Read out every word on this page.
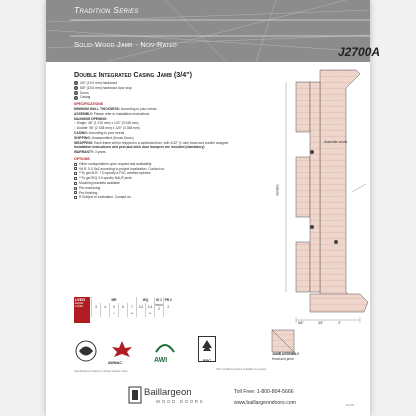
Tradition Series
Solid-Wood Jamb · Non-Rated
J2700A
Double Integrated Casing Jamb (3/4")
1 3/4" (19.0 mm) hardwood
2 5/8" (15.8 mm) hardwood door stop
3 Doors
4 Casing
SPECIFICATIONS
MINIMUM WALL THICKNESS: According to your needs
ASSEMBLY: Please refer to installation instructions
MAXIMUM OPENING:
○ Single: 48" (1 219 mm) x 120" (3 048 mm)
○ Double: 96" (2 438 mm) x 120" (3 048 mm)
CASING: According to your needs
SHIPPING: Unassembled (Knock Down)
WRAPPING: Each frame will be shipped in a cardboard box, with 1/32" (1 mm) foam and bundle wrapped
Installation instructions and peel-and-stick door bumpers are included (mandatory)
WARRANTY: 3 years
OPTIONS
Other configurations upon request and availability
*M.R. 5 & 5a2 according to project localization. Contact us.
**To get M.R. 7 D specify a FSC certified species
**To get IEQ 4.4 specify NAUF jamb
Mounting brackets available
Pre-machining
Pre-finishing
R Subject to evaluation. Contact us.
LEED
Eligible Credits
MR					IEQ		ID 1	PR 2
3	4	5	6	7	3.2	4.4	innov 2	2
		*		**		**		
AWMAC	AWI	FSC
Assemble at site
Variable
5/8"	3/4"	3"
JAMB ASSEMBLY
Head and jamb
Specifications subject to change without notice
FSC Certified products available on request
Baillargeon
WOOD DOORS
Toll Free: 1-800-804-5666
www.baillargeondoors.com	16-08
